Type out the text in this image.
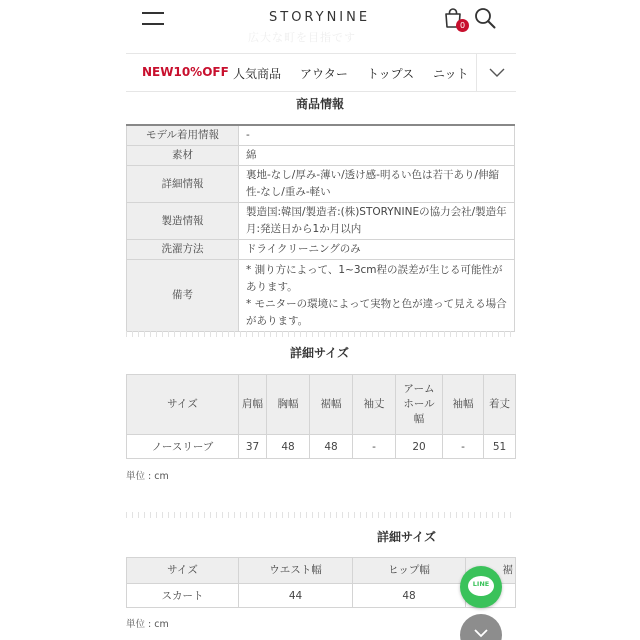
広大な町を目指です
STORYNINE
0
NEW10%OFF 人気商品 アウター トップス ニット
商品情報
モデル着用情報	-
素材	綿
詳細情報	裏地-なし/厚み-薄い/透け感-明るい色は若干あり/伸縮性-なし/重み-軽い
製造情報	製造国:韓国/製造者:(株)STORYNINEの協力会社/製造年月:発送日から1か月以内
洗濯方法	ドライクリーニングのみ
備考	* 測り方によって、1~3cm程の誤差が生じる可能性があります。
* モニターの環境によって実物と色が違って見える場合があります。
詳細サイズ
サイズ	肩幅	胸幅	裾幅	袖丈	アームホール幅	袖幅	着丈
ノースリーブ	37	48	48	-	20	-	51
単位 : cm
詳細サイズ
サイズ	ウエスト幅	ヒップ幅	裾
スカート	44	48	
単位 : cm
LINE
